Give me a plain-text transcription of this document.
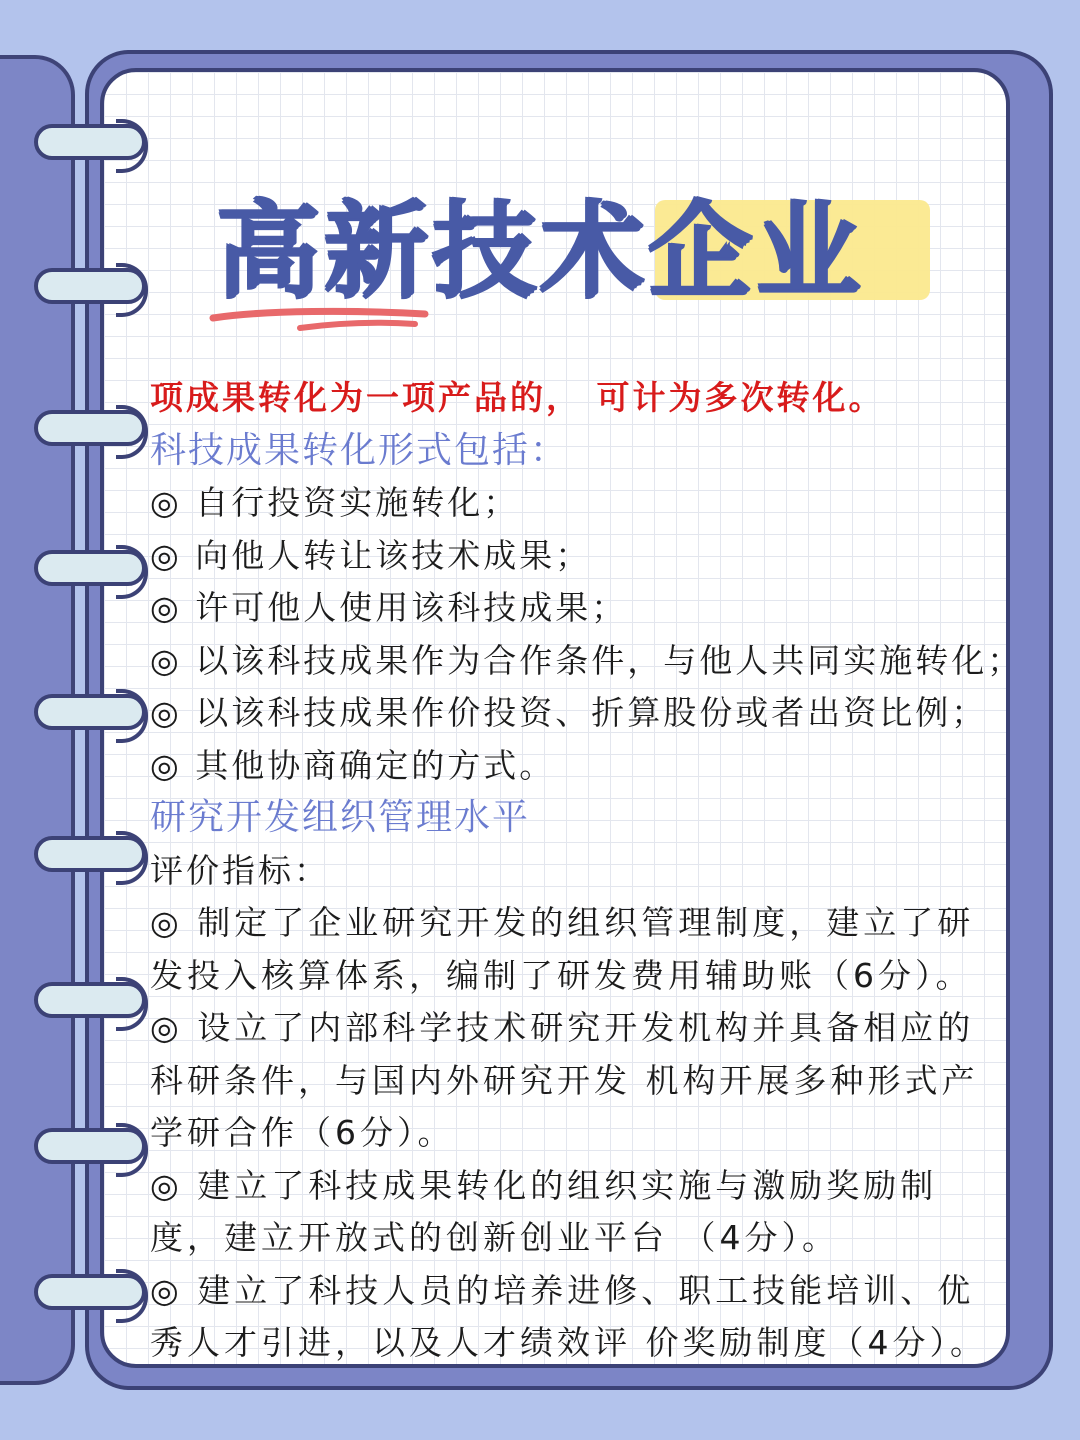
高新技术企业

项成果转化为一项产品的， 可计为多次转化。

科技成果转化形式包括：

◎ 自行投资实施转化；

◎ 向他人转让该技术成果；

◎ 许可他人使用该科技成果；

◎ 以该科技成果作为合作条件，与他人共同实施转化；

◎ 以该科技成果作价投资、折算股份或者出资比例；

◎ 其他协商确定的方式。

研究开发组织管理水平

评价指标：

◎ 制定了企业研究开发的组织管理制度，建立了研发投入核算体系，编制了研发费用辅助账（6分）。

◎ 设立了内部科学技术研究开发机构并具备相应的科研条件，与国内外研究开发 机构开展多种形式产学研合作（6分）。

◎ 建立了科技成果转化的组织实施与激励奖励制度，建立开放式的创新创业平台 （4分）。

◎ 建立了科技人员的培养进修、职工技能培训、优秀人才引进，以及人才绩效评 价奖励制度（4分）。
